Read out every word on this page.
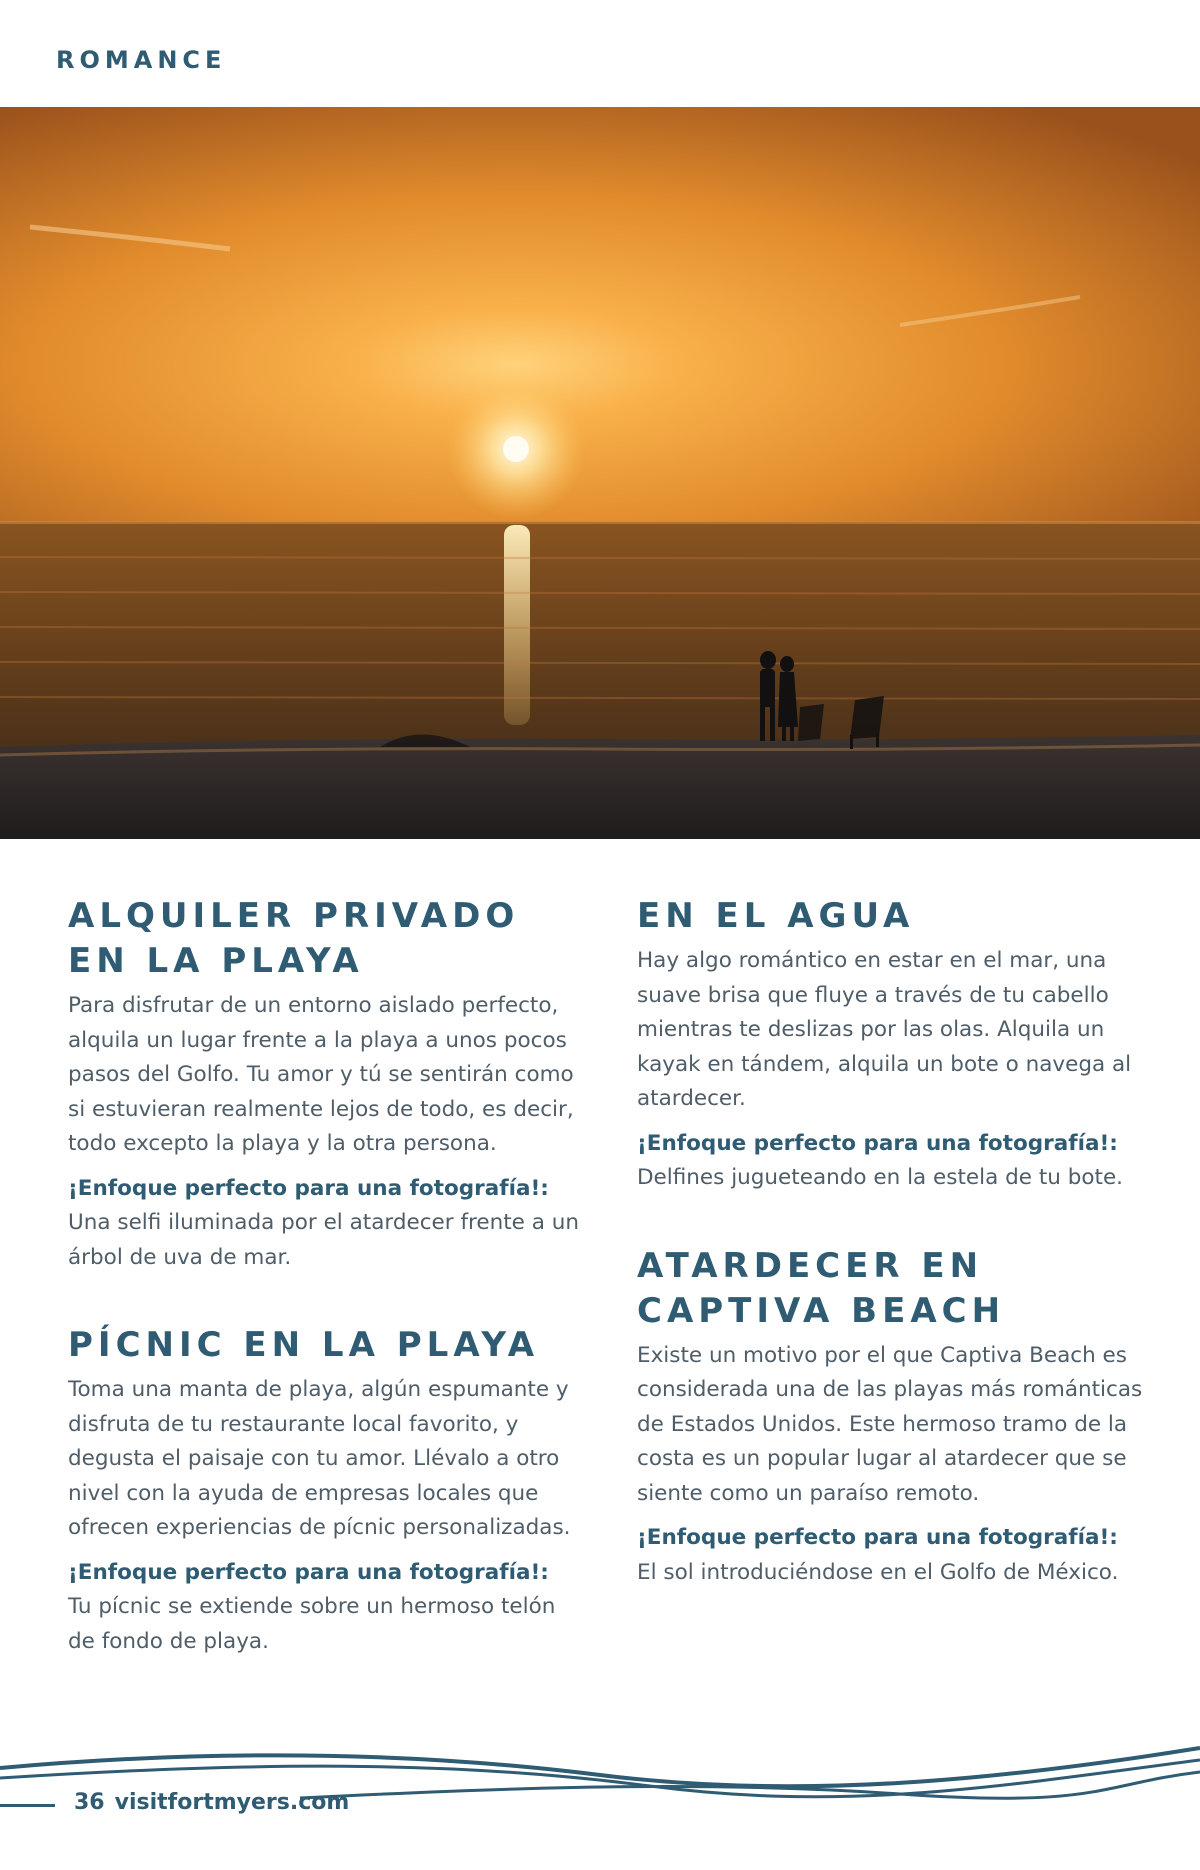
ROMANCE
ALQUILER PRIVADO
EN LA PLAYA

Para disfrutar de un entorno aislado perfecto, alquila un lugar frente a la playa a unos pocos pasos del Golfo. Tu amor y tú se sentirán como si estuvieran realmente lejos de todo, es decir, todo excepto la playa y la otra persona.

¡Enfoque perfecto para una fotografía!:
Una selfi iluminada por el atardecer frente a un árbol de uva de mar.

PÍCNIC EN LA PLAYA

Toma una manta de playa, algún espumante y disfruta de tu restaurante local favorito, y degusta el paisaje con tu amor. Llévalo a otro nivel con la ayuda de empresas locales que ofrecen experiencias de pícnic personalizadas.

¡Enfoque perfecto para una fotografía!:
Tu pícnic se extiende sobre un hermoso telón de fondo de playa.

EN EL AGUA

Hay algo romántico en estar en el mar, una suave brisa que fluye a través de tu cabello mientras te deslizas por las olas. Alquila un kayak en tándem, alquila un bote o navega al atardecer.

¡Enfoque perfecto para una fotografía!:
Delfines jugueteando en la estela de tu bote.

ATARDECER EN
CAPTIVA BEACH

Existe un motivo por el que Captiva Beach es considerada una de las playas más románticas de Estados Unidos. Este hermoso tramo de la costa es un popular lugar al atardecer que se siente como un paraíso remoto.

¡Enfoque perfecto para una fotografía!:
El sol introduciéndose en el Golfo de México.

36 visitfortmyers.com
